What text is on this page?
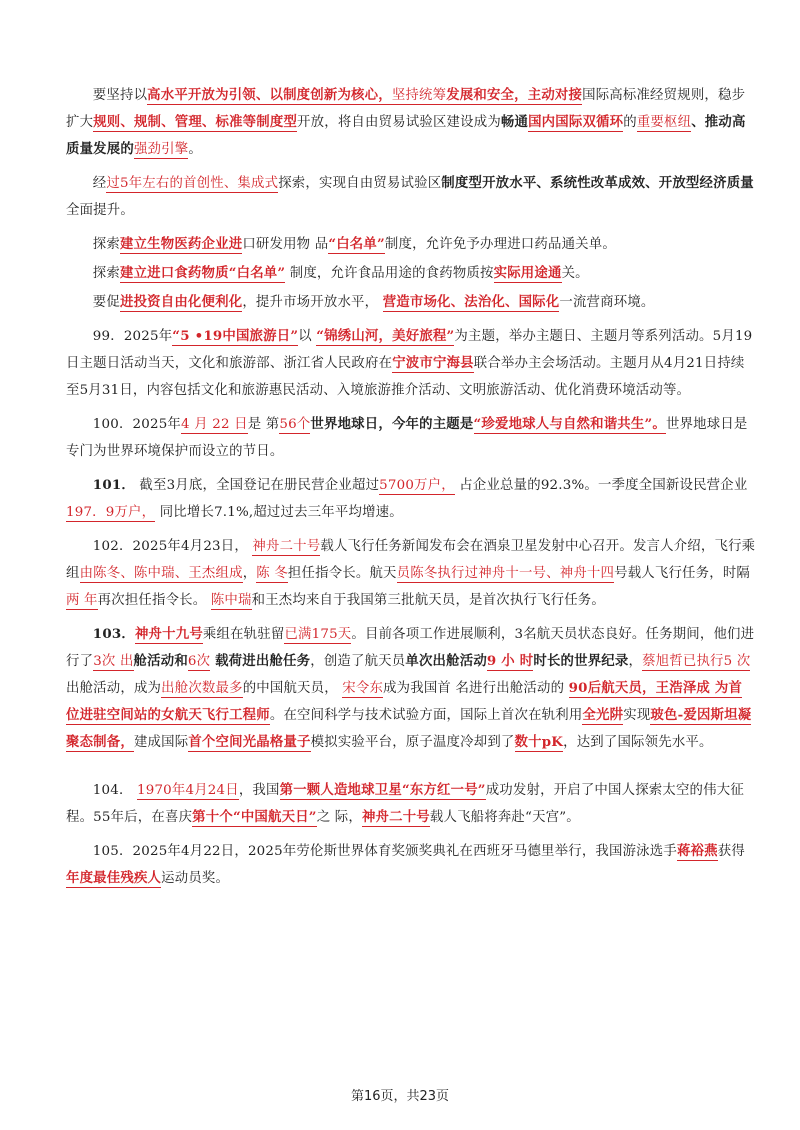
要坚持以高水平开放为引领、以制度创新为核心，坚持统筹发展和安全，主动对接国际高标准经贸规则，稳步扩大规则、规制、管理、标准等制度型开放，将自由贸易试验区建设成为畅通国内国际双循环的重要枢纽、推动高质量发展的强劲引擎。

经过5年左右的首创性、集成式探索，实现自由贸易试验区制度型开放水平、系统性改革成效、开放型经济质量全面提升。

探索建立生物医药企业进口研发用物 品“白名单”制度，允许免予办理进口药品通关单。

探索建立进口食药物质“白名单” 制度，允许食品用途的食药物质按实际用途通关。

要促进投资自由化便利化，提升市场开放水平， 营造市场化、法治化、国际化一流营商环境。

99．2025年“5 •19中国旅游日”以 “锦绣山河，美好旅程”为主题，举办主题日、主题月等系列活动。5月19日主题日活动当天，文化和旅游部、浙江省人民政府在宁波市宁海县联合举办主会场活动。主题月从4月21日持续至5月31日，内容包括文化和旅游惠民活动、入境旅游推介活动、文明旅游活动、优化消费环境活动等。

100．2025年4 月 22 日是 第56个世界地球日，今年的主题是“珍爱地球人与自然和谐共生”。世界地球日是专门为世界环境保护而设立的节日。

101． 截至3月底，全国登记在册民营企业超过5700万户， 占企业总量的92.3%。一季度全国新设民营企业197．9万户， 同比增长7.1%,超过过去三年平均增速。

102．2025年4月23日， 神舟二十号载人飞行任务新闻发布会在酒泉卫星发射中心召开。发言人介绍，飞行乘组由陈冬、陈中瑞、王杰组成，陈 冬担任指令长。航天员陈冬执行过神舟十一号、神舟十四号载人飞行任务，时隔两 年再次担任指令长。 陈中瑞和王杰均来自于我国第三批航天员，是首次执行飞行任务。

103．神舟十九号乘组在轨驻留已满175天。目前各项工作进展顺利，3名航天员状态良好。任务期间，他们进行了3次 出舱活动和6次 载荷进出舱任务，创造了航天员单次出舱活动9 小 时时长的世界纪录，蔡旭哲已执行5 次出舱活动，成为出舱次数最多的中国航天员， 宋令东成为我国首 名进行出舱活动的 90后航天员，王浩泽成 为首 位进驻空间站的女航天飞行工程师。在空间科学与技术试验方面，国际上首次在轨利用全光阱实现玻色-爱因斯坦凝聚态制备，建成国际首个空间光晶格量子模拟实验平台，原子温度冷却到了数十pK，达到了国际领先水平。

104． 1970年4月24日，我国第一颗人造地球卫星“东方红一号”成功发射，开启了中国人探索太空的伟大征程。55年后，在喜庆第十个“中国航天日”之 际，神舟二十号载人飞船将奔赴“天宫”。

105．2025年4月22日，2025年劳伦斯世界体育奖颁奖典礼在西班牙马德里举行，我国游泳选手蒋裕燕获得年度最佳残疾人运动员奖。

第16页，共23页
